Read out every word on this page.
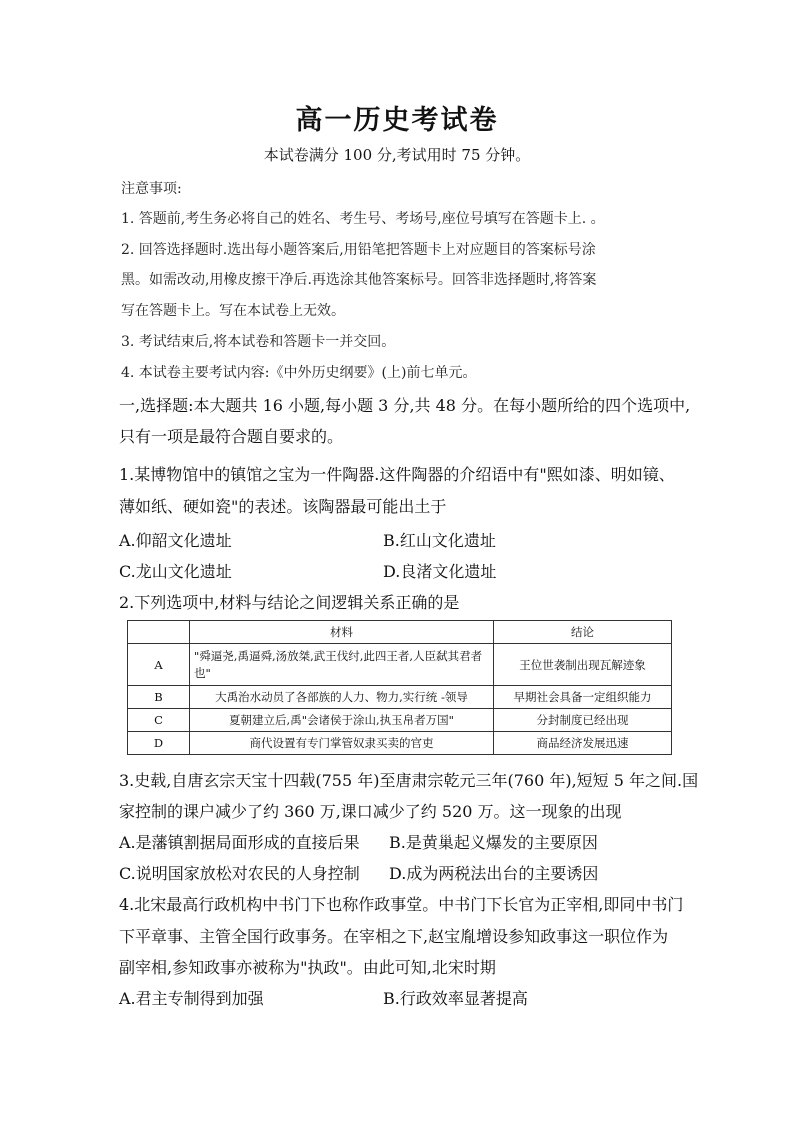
高一历史考试卷
本试卷满分 100 分,考试用时 75 分钟。
注意事项:
1. 答题前,考生务必将自己的姓名、考生号、考场号,座位号填写在答题卡上. 。
2. 回答选择题时.选出每小题答案后,用铅笔把答题卡上对应题目的答案标号涂
黑。如需改动,用橡皮擦干净后.再选涂其他答案标号。回答非选择题时,将答案
写在答题卡上。写在本试卷上无效。
3. 考试结束后,将本试卷和答题卡一并交回。
4. 本试卷主要考试内容:《中外历史纲要》(上)前七单元。
一,选择题:本大题共 16 小题,每小题 3 分,共 48 分。在每小题所给的四个选项中,
只有一项是最符合题自要求的。
1.某博物馆中的镇馆之宝为一件陶器.这件陶器的介绍语中有"熙如漆、明如镜、
薄如纸、硬如瓷"的表述。该陶器最可能出土于
A.仰韶文化遗址	B.红山文化遗址
C.龙山文化遗址	D.良渚文化遗址
2.下列选项中,材料与结论之间逻辑关系正确的是
	材料	结论
A	"舜逼尧,禹逼舜,汤放桀,武王伐纣,此四王者,人臣弑其君者也"	王位世袭制出现瓦解迹象
B	大禹治水动员了各部族的人力、物力,实行统 -领导	早期社会具备一定组织能力
C	夏朝建立后,禹"会诸侯于涂山,执玉帛者万国"	分封制度已经出现
D	商代设置有专门掌管奴隶买卖的官吏	商品经济发展迅速
3.史载,自唐玄宗天宝十四载(755 年)至唐肃宗乾元三年(760 年),短短 5 年之间.国
家控制的课户减少了约 360 万,课口减少了约 520 万。这一现象的出现
A.是藩镇割据局面形成的直接后果 B.是黄巢起义爆发的主要原因
C.说明国家放松对农民的人身控制 D.成为两税法出台的主要诱因
4.北宋最高行政机构中书门下也称作政事堂。中书门下长官为正宰相,即同中书门
下平章事、主管全国行政事务。在宰相之下,赵宝胤增设参知政事这一职位作为
副宰相,参知政事亦被称为"执政"。由此可知,北宋时期
A.君主专制得到加强	B.行政效率显著提高
